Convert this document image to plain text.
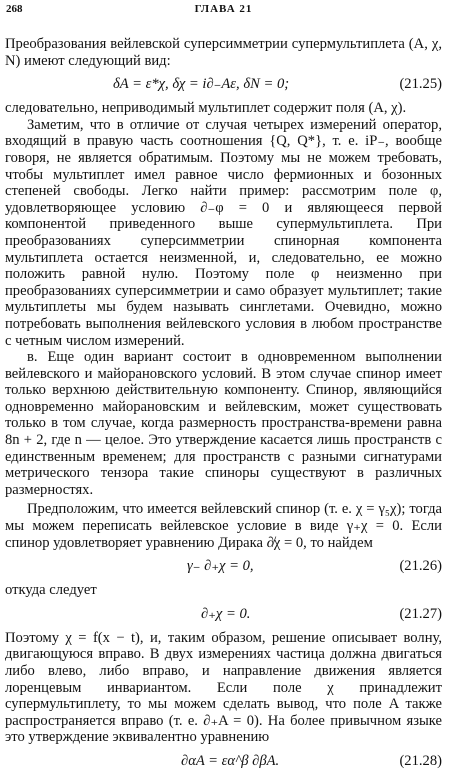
268	ГЛАВА 21

Преобразования вейлевской суперсимметрии супермультиплета (A, χ, N) имеют следующий вид:

δA = ε*χ, δχ = i∂₋Aε, δN = 0;	(21.25)

следовательно, неприводимый мультиплет содержит поля (A, χ).

Заметим, что в отличие от случая четырех измерений оператор, входящий в правую часть соотношения {Q, Q*}, т. е. iP₋, вообще говоря, не является обратимым. Поэтому мы не можем требовать, чтобы мультиплет имел равное число фермионных и бозонных степеней свободы. Легко найти пример: рассмотрим поле φ, удовлетворяющее условию ∂₋φ = 0 и являющееся первой компонентой приведенного выше супермультиплета. При преобразованиях суперсимметрии спинорная компонента мультиплета остается неизменной, и, следовательно, ее можно положить равной нулю. Поэтому поле φ неизменно при преобразованиях суперсимметрии и само образует мультиплет; такие мультиплеты мы будем называть синглетами. Очевидно, можно потребовать выполнения вейлевского условия в любом пространстве с четным числом измерений.

в. Еще один вариант состоит в одновременном выполнении вейлевского и майорановского условий. В этом случае спинор имеет только верхнюю действительную компоненту. Спинор, являющийся одновременно майорановским и вейлевским, может существовать только в том случае, когда размерность пространства-времени равна 8n + 2, где n — целое. Это утверждение касается лишь пространств с единственным временем; для пространств с разными сигнатурами метрического тензора такие спиноры существуют в различных размерностях.

Предположим, что имеется вейлевский спинор (т. е. χ = γ₅χ); тогда мы можем переписать вейлевское условие в виде γ₊χ = 0. Если спинор удовлетворяет уравнению Дирака ∂̸χ = 0, то найдем

γ₋ ∂₊χ = 0,	(21.26)

откуда следует

∂₊χ = 0.	(21.27)

Поэтому χ = f(x − t), и, таким образом, решение описывает волну, двигающуюся вправо. В двух измерениях частица должна двигаться либо влево, либо вправо, и направление движения является лоренцевым инвариантом. Если поле χ принадлежит супермультиплету, то мы можем сделать вывод, что поле A также распространяется вправо (т. е. ∂₊A = 0). На более привычном языке это утверждение эквивалентно уравнению

∂αA = εα^β ∂βA.	(21.28)
